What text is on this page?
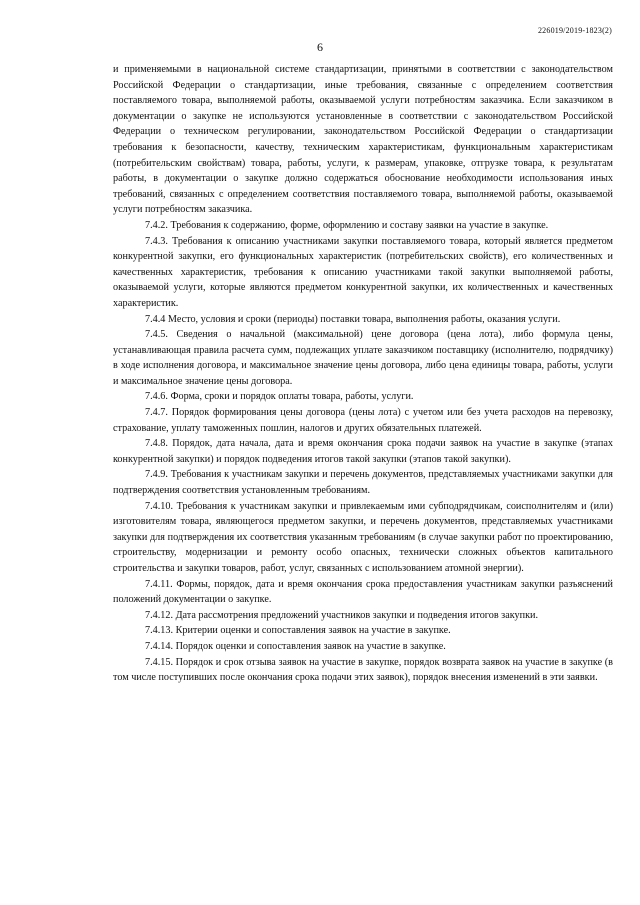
226019/2019-1823(2)
6

и применяемыми в национальной системе стандартизации, принятыми в соответствии с законодательством Российской Федерации о стандартизации, иные требования, связанные с определением соответствия поставляемого товара, выполняемой работы, оказываемой услуги потребностям заказчика. Если заказчиком в документации о закупке не используются установленные в соответствии с законодательством Российской Федерации о техническом регулировании, законодательством Российской Федерации о стандартизации требования к безопасности, качеству, техническим характеристикам, функциональным характеристикам (потребительским свойствам) товара, работы, услуги, к размерам, упаковке, отгрузке товара, к результатам работы, в документации о закупке должно содержаться обоснование необходимости использования иных требований, связанных с определением соответствия поставляемого товара, выполняемой работы, оказываемой услуги потребностям заказчика.

7.4.2. Требования к содержанию, форме, оформлению и составу заявки на участие в закупке.

7.4.3. Требования к описанию участниками закупки поставляемого товара, который является предметом конкурентной закупки, его функциональных характеристик (потребительских свойств), его количественных и качественных характеристик, требования к описанию участниками такой закупки выполняемой работы, оказываемой услуги, которые являются предметом конкурентной закупки, их количественных и качественных характеристик.

7.4.4 Место, условия и сроки (периоды) поставки товара, выполнения работы, оказания услуги.

7.4.5. Сведения о начальной (максимальной) цене договора (цена лота), либо формула цены, устанавливающая правила расчета сумм, подлежащих уплате заказчиком поставщику (исполнителю, подрядчику) в ходе исполнения договора, и максимальное значение цены договора, либо цена единицы товара, работы, услуги и максимальное значение цены договора.

7.4.6. Форма, сроки и порядок оплаты товара, работы, услуги.

7.4.7. Порядок формирования цены договора (цены лота) с учетом или без учета расходов на перевозку, страхование, уплату таможенных пошлин, налогов и других обязательных платежей.

7.4.8. Порядок, дата начала, дата и время окончания срока подачи заявок на участие в закупке (этапах конкурентной закупки) и порядок подведения итогов такой закупки (этапов такой закупки).

7.4.9. Требования к участникам закупки и перечень документов, представляемых участниками закупки для подтверждения соответствия установленным требованиям.

7.4.10. Требования к участникам закупки и привлекаемым ими субподрядчикам, соисполнителям и (или) изготовителям товара, являющегося предметом закупки, и перечень документов, представляемых участниками закупки для подтверждения их соответствия указанным требованиям (в случае закупки работ по проектированию, строительству, модернизации и ремонту особо опасных, технически сложных объектов капитального строительства и закупки товаров, работ, услуг, связанных с использованием атомной энергии).

7.4.11. Формы, порядок, дата и время окончания срока предоставления участникам закупки разъяснений положений документации о закупке.

7.4.12. Дата рассмотрения предложений участников закупки и подведения итогов закупки.

7.4.13. Критерии оценки и сопоставления заявок на участие в закупке.

7.4.14. Порядок оценки и сопоставления заявок на участие в закупке.

7.4.15. Порядок и срок отзыва заявок на участие в закупке, порядок возврата заявок на участие в закупке (в том числе поступивших после окончания срока подачи этих заявок), порядок внесения изменений в эти заявки.
